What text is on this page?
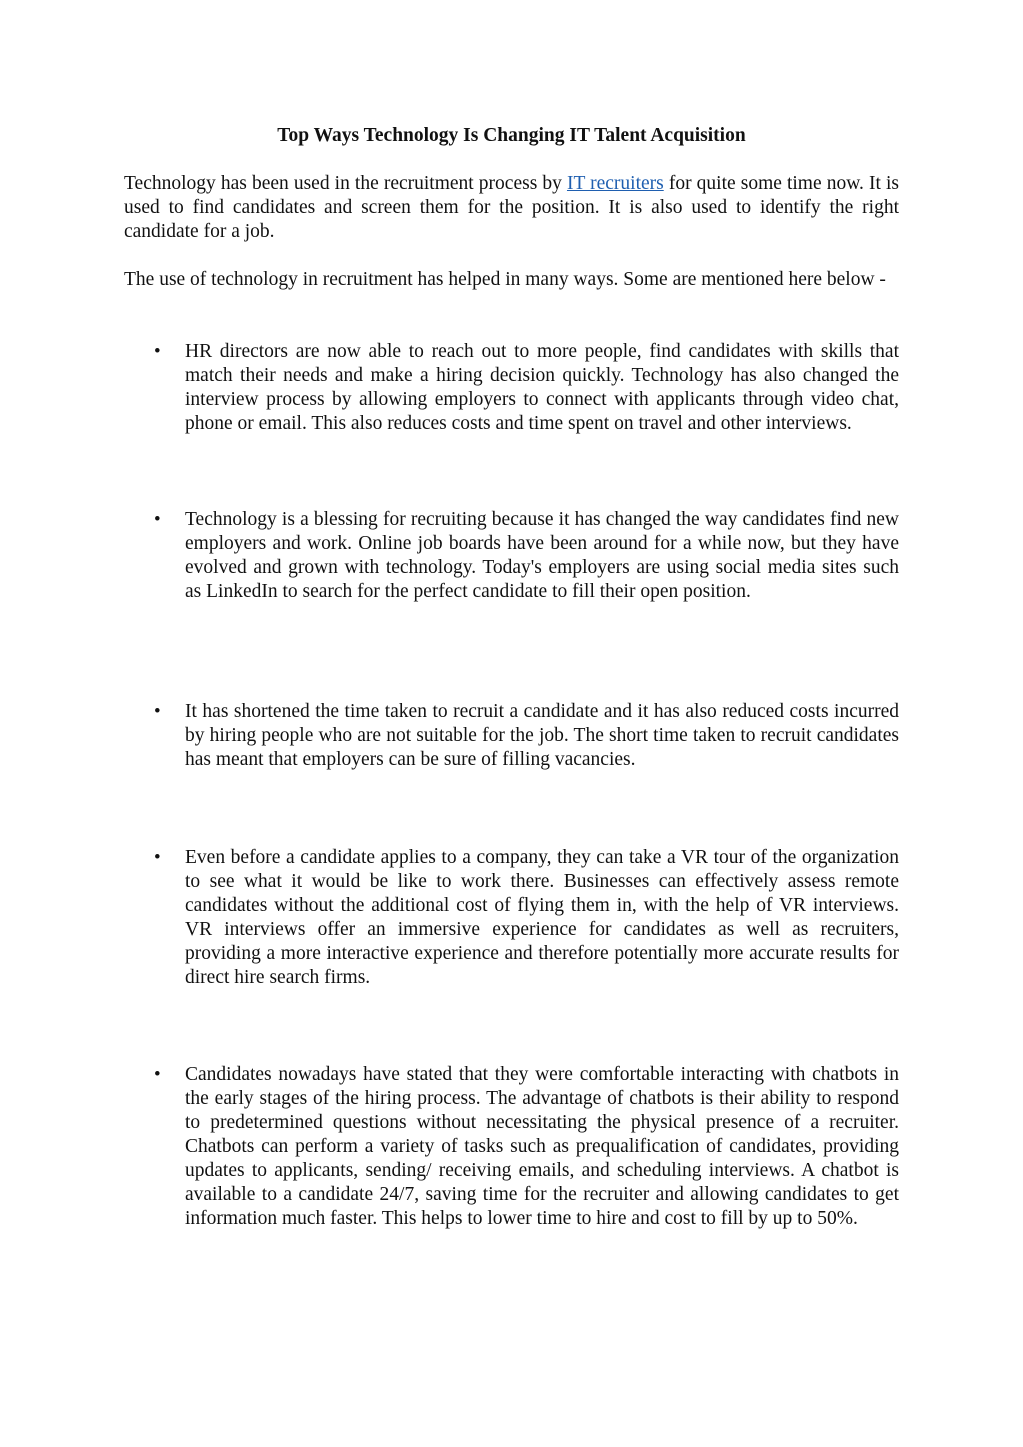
Top Ways Technology Is Changing IT Talent Acquisition

Technology has been used in the recruitment process by IT recruiters for quite some time now. It is used to find candidates and screen them for the position. It is also used to identify the right candidate for a job.

The use of technology in recruitment has helped in many ways. Some are mentioned here below -

•	HR directors are now able to reach out to more people, find candidates with skills that match their needs and make a hiring decision quickly. Technology has also changed the interview process by allowing employers to connect with applicants through video chat, phone or email. This also reduces costs and time spent on travel and other interviews.
•	Technology is a blessing for recruiting because it has changed the way candidates find new employers and work. Online job boards have been around for a while now, but they have evolved and grown with technology. Today's employers are using social media sites such as LinkedIn to search for the perfect candidate to fill their open position.
•	It has shortened the time taken to recruit a candidate and it has also reduced costs incurred by hiring people who are not suitable for the job. The short time taken to recruit candidates has meant that employers can be sure of filling vacancies.
•	Even before a candidate applies to a company, they can take a VR tour of the organization to see what it would be like to work there. Businesses can effectively assess remote candidates without the additional cost of flying them in, with the help of VR interviews. VR interviews offer an immersive experience for candidates as well as recruiters, providing a more interactive experience and therefore potentially more accurate results for direct hire search firms.
•	Candidates nowadays have stated that they were comfortable interacting with chatbots in the early stages of the hiring process. The advantage of chatbots is their ability to respond to predetermined questions without necessitating the physical presence of a recruiter. Chatbots can perform a variety of tasks such as prequalification of candidates, providing updates to applicants, sending/ receiving emails, and scheduling interviews. A chatbot is available to a candidate 24/7, saving time for the recruiter and allowing candidates to get information much faster. This helps to lower time to hire and cost to fill by up to 50%.
